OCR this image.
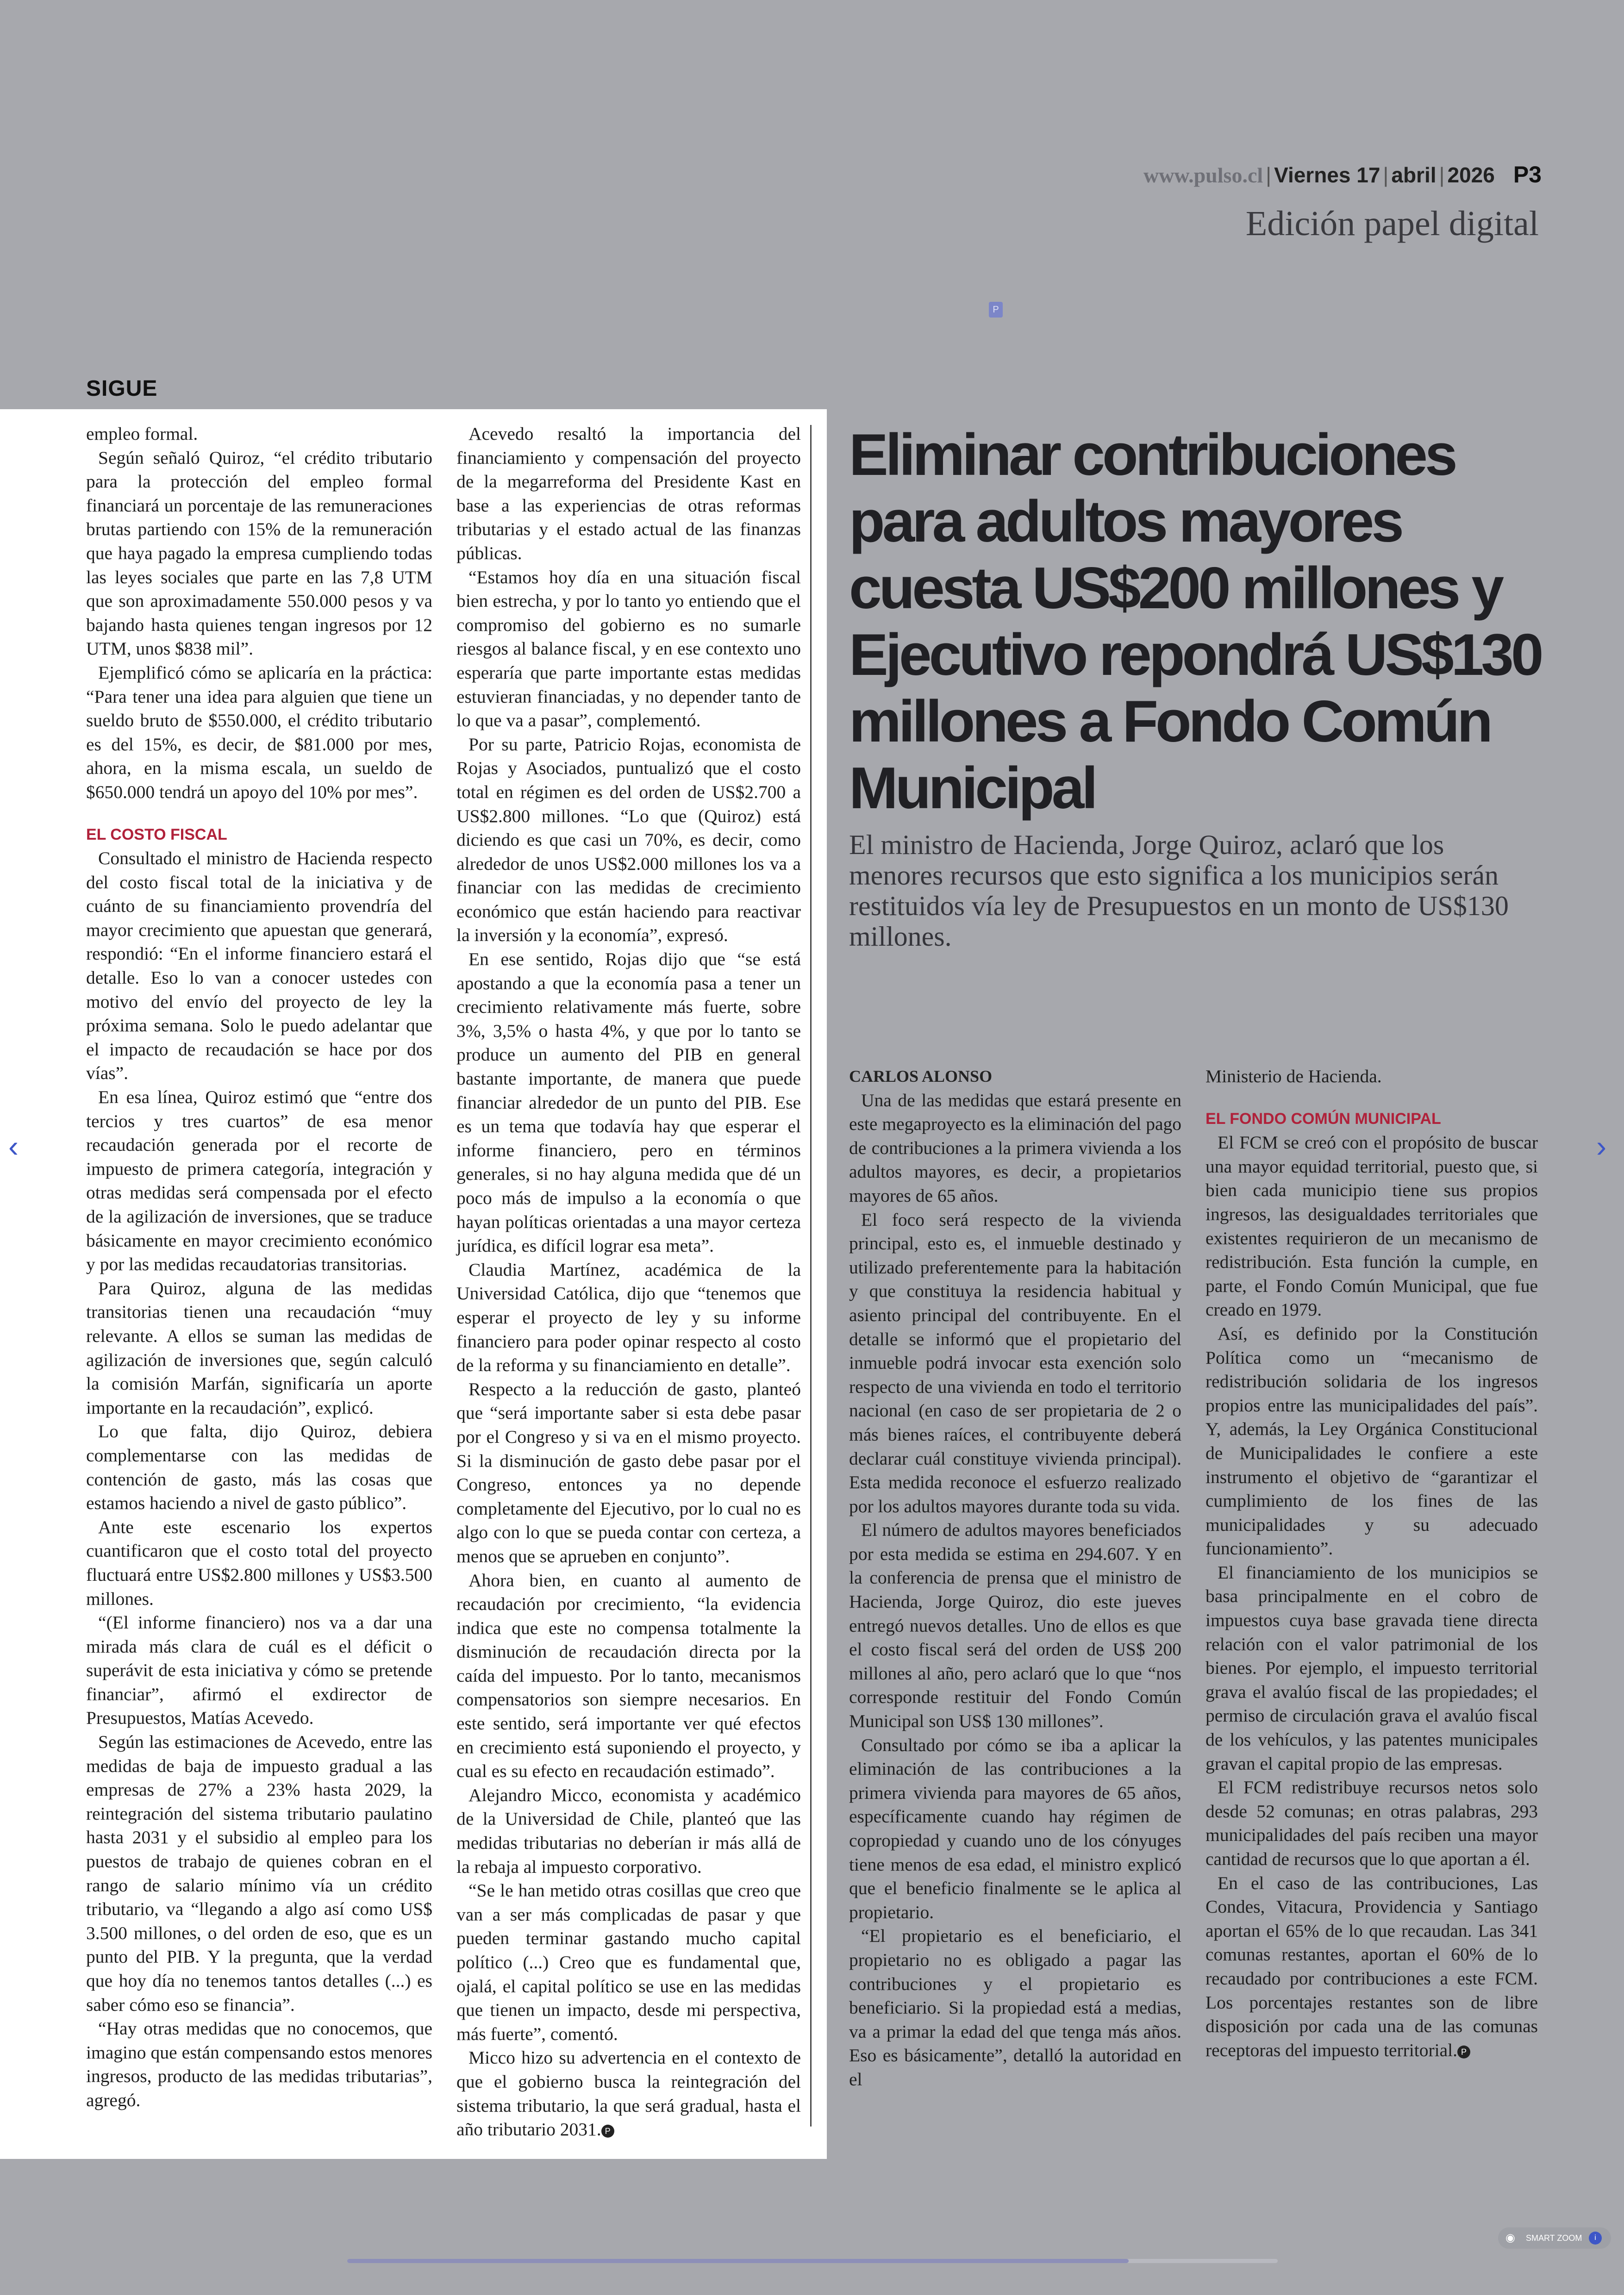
www.pulso.cl | Viernes 17 | abril | 2026 P3
Edición papel digital
P
SIGUE

empleo formal.

Según señaló Quiroz, “el crédito tributario para la protección del empleo formal financiará un porcentaje de las remuneraciones brutas partiendo con 15% de la remuneración que haya pagado la empresa cumpliendo todas las leyes sociales que parte en las 7,8 UTM que son aproximadamente 550.000 pesos y va bajando hasta quienes tengan ingresos por 12 UTM, unos $838 mil”.

Ejemplificó cómo se aplicaría en la práctica: “Para tener una idea para alguien que tiene un sueldo bruto de $550.000, el crédito tributario es del 15%, es decir, de $81.000 por mes, ahora, en la misma escala, un sueldo de $650.000 tendrá un apoyo del 10% por mes”.

EL COSTO FISCAL

Consultado el ministro de Hacienda respecto del costo fiscal total de la iniciativa y de cuánto de su financiamiento provendría del mayor crecimiento que apuestan que generará, respondió: “En el informe financiero estará el detalle. Eso lo van a conocer ustedes con motivo del envío del proyecto de ley la próxima semana. Solo le puedo adelantar que el impacto de recaudación se hace por dos vías”.

En esa línea, Quiroz estimó que “entre dos tercios y tres cuartos” de esa menor recaudación generada por el recorte de impuesto de primera categoría, integración y otras medidas será compensada por el efecto de la agilización de inversiones, que se traduce básicamente en mayor crecimiento económico y por las medidas recaudatorias transitorias.

Para Quiroz, alguna de las medidas transitorias tienen una recaudación “muy relevante. A ellos se suman las medidas de agilización de inversiones que, según calculó la comisión Marfán, significaría un aporte importante en la recaudación”, explicó.

Lo que falta, dijo Quiroz, debiera complementarse con las medidas de contención de gasto, más las cosas que estamos haciendo a nivel de gasto público”.

Ante este escenario los expertos cuantificaron que el costo total del proyecto fluctuará entre US$2.800 millones y US$3.500 millones.

“(El informe financiero) nos va a dar una mirada más clara de cuál es el déficit o superávit de esta iniciativa y cómo se pretende financiar”, afirmó el exdirector de Presupuestos, Matías Acevedo.

Según las estimaciones de Acevedo, entre las medidas de baja de impuesto gradual a las empresas de 27% a 23% hasta 2029, la reintegración del sistema tributario paulatino hasta 2031 y el subsidio al empleo para los puestos de trabajo de quienes cobran en el rango de salario mínimo vía un crédito tributario, va “llegando a algo así como US$ 3.500 millones, o del orden de eso, que es un punto del PIB. Y la pregunta, que la verdad que hoy día no tenemos tantos detalles (...) es saber cómo eso se financia”.

“Hay otras medidas que no conocemos, que imagino que están compensando estos menores ingresos, producto de las medidas tributarias”, agregó.

Acevedo resaltó la importancia del financiamiento y compensación del proyecto de la megarreforma del Presidente Kast en base a las experiencias de otras reformas tributarias y el estado actual de las finanzas públicas.

“Estamos hoy día en una situación fiscal bien estrecha, y por lo tanto yo entiendo que el compromiso del gobierno es no sumarle riesgos al balance fiscal, y en ese contexto uno esperaría que parte importante estas medidas estuvieran financiadas, y no depender tanto de lo que va a pasar”, complementó.

Por su parte, Patricio Rojas, economista de Rojas y Asociados, puntualizó que el costo total en régimen es del orden de US$2.700 a US$2.800 millones. “Lo que (Quiroz) está diciendo es que casi un 70%, es decir, como alrededor de unos US$2.000 millones los va a financiar con las medidas de crecimiento económico que están haciendo para reactivar la inversión y la economía”, expresó.

En ese sentido, Rojas dijo que “se está apostando a que la economía pasa a tener un crecimiento relativamente más fuerte, sobre 3%, 3,5% o hasta 4%, y que por lo tanto se produce un aumento del PIB en general bastante importante, de manera que puede financiar alrededor de un punto del PIB. Ese es un tema que todavía hay que esperar el informe financiero, pero en términos generales, si no hay alguna medida que dé un poco más de impulso a la economía o que hayan políticas orientadas a una mayor certeza jurídica, es difícil lograr esa meta”.

Claudia Martínez, académica de la Universidad Católica, dijo que “tenemos que esperar el proyecto de ley y su informe financiero para poder opinar respecto al costo de la reforma y su financiamiento en detalle”.

Respecto a la reducción de gasto, planteó que “será importante saber si esta debe pasar por el Congreso y si va en el mismo proyecto. Si la disminución de gasto debe pasar por el Congreso, entonces ya no depende completamente del Ejecutivo, por lo cual no es algo con lo que se pueda contar con certeza, a menos que se aprueben en conjunto”.

Ahora bien, en cuanto al aumento de recaudación por crecimiento, “la evidencia indica que este no compensa totalmente la disminución de recaudación directa por la caída del impuesto. Por lo tanto, mecanismos compensatorios son siempre necesarios. En este sentido, será importante ver qué efectos en crecimiento está suponiendo el proyecto, y cual es su efecto en recaudación estimado”.

Alejandro Micco, economista y académico de la Universidad de Chile, planteó que las medidas tributarias no deberían ir más allá de la rebaja al impuesto corporativo.

“Se le han metido otras cosillas que creo que van a ser más complicadas de pasar y que pueden terminar gastando mucho capital político (...) Creo que es fundamental que, ojalá, el capital político se use en las medidas que tienen un impacto, desde mi perspectiva, más fuerte”, comentó.

Micco hizo su advertencia en el contexto de que el gobierno busca la reintegración del sistema tributario, la que será gradual, hasta el año tributario 2031. P

Eliminar contribuciones para adultos mayores cuesta US$200 millones y Ejecutivo repondrá US$130 millones a Fondo Común Municipal
El ministro de Hacienda, Jorge Quiroz, aclaró que los menores recursos que esto significa a los municipios serán restituidos vía ley de Presupuestos en un monto de US$130 millones.

CARLOS ALONSO

Una de las medidas que estará presente en este megaproyecto es la eliminación del pago de contribuciones a la primera vivienda a los adultos mayores, es decir, a propietarios mayores de 65 años.

El foco será respecto de la vivienda principal, esto es, el inmueble destinado y utilizado preferentemente para la habitación y que constituya la residencia habitual y asiento principal del contribuyente. En el detalle se informó que el propietario del inmueble podrá invocar esta exención solo respecto de una vivienda en todo el territorio nacional (en caso de ser propietaria de 2 o más bienes raíces, el contribuyente deberá declarar cuál constituye vivienda principal). Esta medida reconoce el esfuerzo realizado por los adultos mayores durante toda su vida.

El número de adultos mayores beneficiados por esta medida se estima en 294.607. Y en la conferencia de prensa que el ministro de Hacienda, Jorge Quiroz, dio este jueves entregó nuevos detalles. Uno de ellos es que el costo fiscal será del orden de US$ 200 millones al año, pero aclaró que lo que “nos corresponde restituir del Fondo Común Municipal son US$ 130 millones”.

Consultado por cómo se iba a aplicar la eliminación de las contribuciones a la primera vivienda para mayores de 65 años, específicamente cuando hay régimen de copropiedad y cuando uno de los cónyuges tiene menos de esa edad, el ministro explicó que el beneficio finalmente se le aplica al propietario.

“El propietario es el beneficiario, el propietario no es obligado a pagar las contribuciones y el propietario es beneficiario. Si la propiedad está a medias, va a primar la edad del que tenga más años. Eso es básicamente”, detalló la autoridad en el

Ministerio de Hacienda.

EL FONDO COMÚN MUNICIPAL

El FCM se creó con el propósito de buscar una mayor equidad territorial, puesto que, si bien cada municipio tiene sus propios ingresos, las desigualdades territoriales que existentes requirieron de un mecanismo de redistribución. Esta función la cumple, en parte, el Fondo Común Municipal, que fue creado en 1979.

Así, es definido por la Constitución Política como un “mecanismo de redistribución solidaria de los ingresos propios entre las municipalidades del país”. Y, además, la Ley Orgánica Constitucional de Municipalidades le confiere a este instrumento el objetivo de “garantizar el cumplimiento de los fines de las municipalidades y su adecuado funcionamiento”.

El financiamiento de los municipios se basa principalmente en el cobro de impuestos cuya base gravada tiene directa relación con el valor patrimonial de los bienes. Por ejemplo, el impuesto territorial grava el avalúo fiscal de las propiedades; el permiso de circulación grava el avalúo fiscal de los vehículos, y las patentes municipales gravan el capital propio de las empresas.

El FCM redistribuye recursos netos solo desde 52 comunas; en otras palabras, 293 municipalidades del país reciben una mayor cantidad de recursos que lo que aportan a él.

En el caso de las contribuciones, Las Condes, Vitacura, Providencia y Santiago aportan el 65% de lo que recaudan. Las 341 comunas restantes, aportan el 60% de lo recaudado por contribuciones a este FCM. Los porcentajes restantes son de libre disposición por cada una de las comunas receptoras del impuesto territorial. P

‹	›
◉ SMART ZOOM	i
